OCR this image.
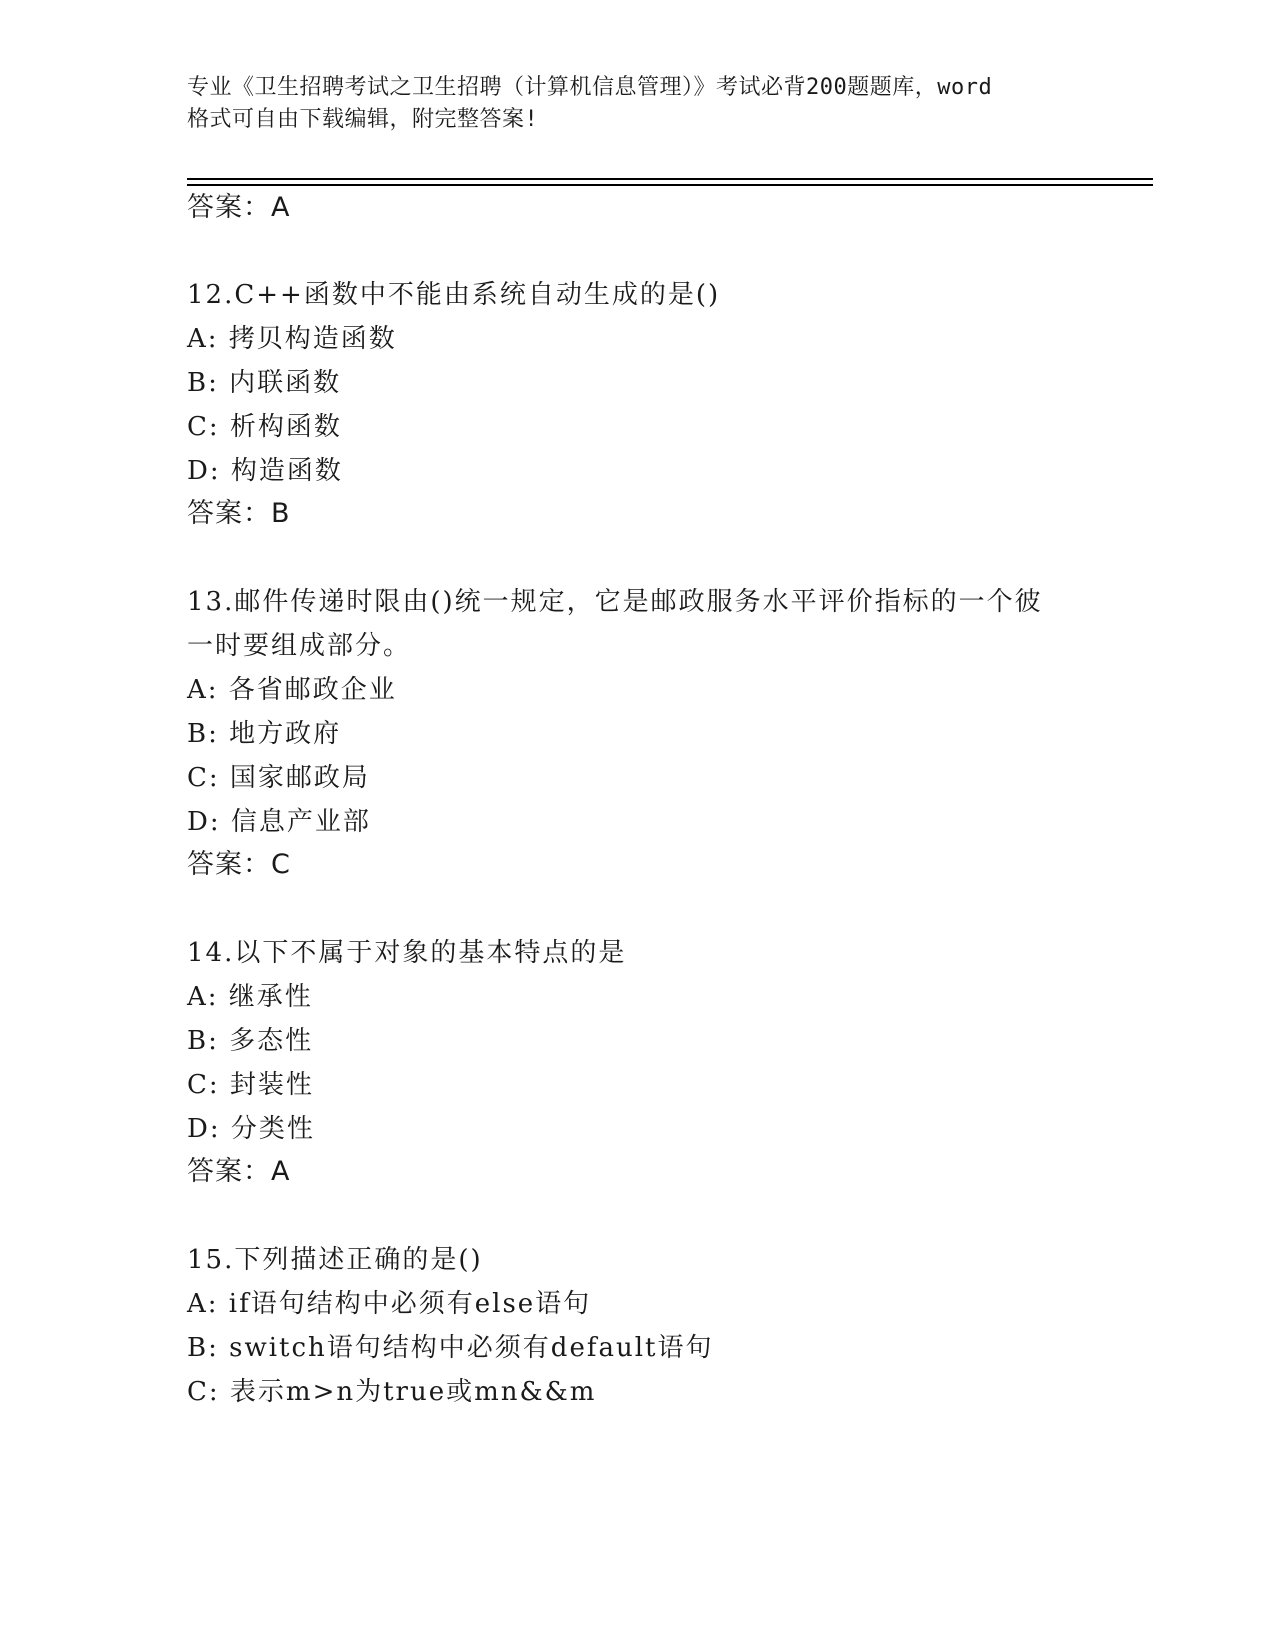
专业《卫生招聘考试之卫生招聘（计算机信息管理）》考试必背200题题库，word
格式可自由下载编辑，附完整答案!
答案：A
12.C++函数中不能由系统自动生成的是()
A: 拷贝构造函数
B: 内联函数
C: 析构函数
D: 构造函数
答案：B
13.邮件传递时限由()统一规定，它是邮政服务水平评价指标的一个彼
一时要组成部分。
A: 各省邮政企业
B: 地方政府
C: 国家邮政局
D: 信息产业部
答案：C
14.以下不属于对象的基本特点的是
A: 继承性
B: 多态性
C: 封装性
D: 分类性
答案：A
15.下列描述正确的是()
A: if语句结构中必须有else语句
B: switch语句结构中必须有default语句
C: 表示m>n为true或mn&&m
